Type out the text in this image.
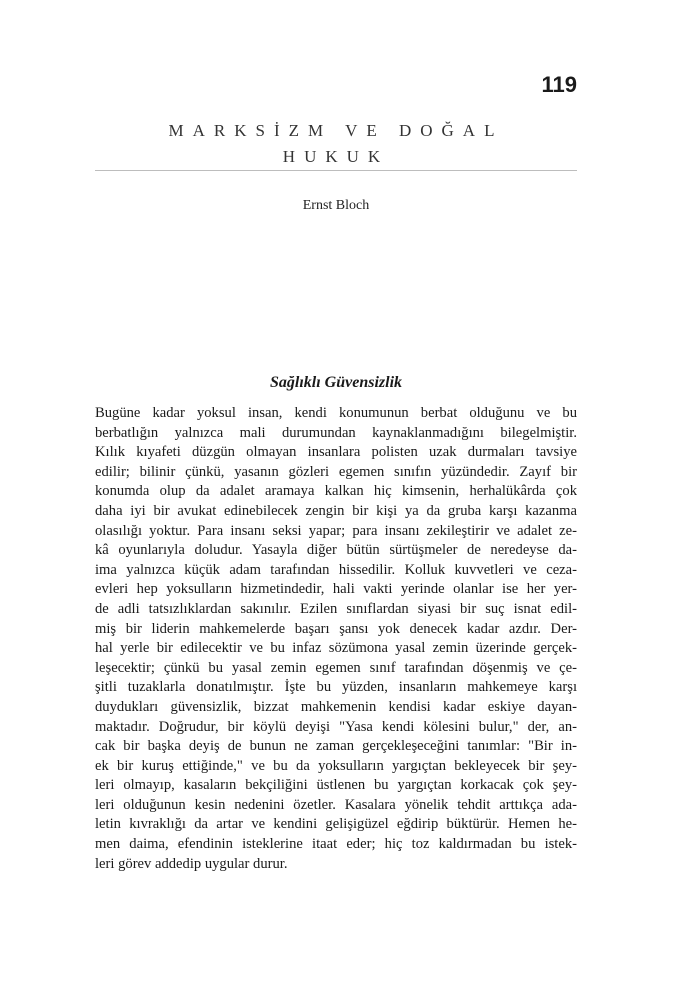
119
MARKSİZM VE DOĞAL
HUKUK
Ernst Bloch
Sağlıklı Güvensizlik
Bugüne kadar yoksul insan, kendi konumunun berbat olduğunu ve bu
berbatlığın yalnızca mali durumundan kaynaklanmadığını bilegelmiştir.
Kılık kıyafeti düzgün olmayan insanlara polisten uzak durmaları tavsiye
edilir; bilinir çünkü, yasanın gözleri egemen sınıfın yüzündedir. Zayıf bir
konumda olup da adalet aramaya kalkan hiç kimsenin, herhalükârda çok
daha iyi bir avukat edinebilecek zengin bir kişi ya da gruba karşı kazanma
olasılığı yoktur. Para insanı seksi yapar; para insanı zekileştirir ve adalet ze-
kâ oyunlarıyla doludur. Yasayla diğer bütün sürtüşmeler de neredeyse da-
ima yalnızca küçük adam tarafından hissedilir. Kolluk kuvvetleri ve ceza-
evleri hep yoksulların hizmetindedir, hali vakti yerinde olanlar ise her yer-
de adli tatsızlıklardan sakınılır. Ezilen sınıflardan siyasi bir suç isnat edil-
miş bir liderin mahkemelerde başarı şansı yok denecek kadar azdır. Der-
hal yerle bir edilecektir ve bu infaz sözümona yasal zemin üzerinde gerçek-
leşecektir; çünkü bu yasal zemin egemen sınıf tarafından döşenmiş ve çe-
şitli tuzaklarla donatılmıştır. İşte bu yüzden, insanların mahkemeye karşı
duydukları güvensizlik, bizzat mahkemenin kendisi kadar eskiye dayan-
maktadır. Doğrudur, bir köylü deyişi "Yasa kendi kölesini bulur," der, an-
cak bir başka deyiş de bunun ne zaman gerçekleşeceğini tanımlar: "Bir in-
ek bir kuruş ettiğinde," ve bu da yoksulların yargıçtan bekleyecek bir şey-
leri olmayıp, kasaların bekçiliğini üstlenen bu yargıçtan korkacak çok şey-
leri olduğunun kesin nedenini özetler. Kasalara yönelik tehdit arttıkça ada-
letin kıvraklığı da artar ve kendini gelişigüzel eğdirip büktürür. Hemen he-
men daima, efendinin isteklerine itaat eder; hiç toz kaldırmadan bu istek-
leri görev addedip uygular durur.
